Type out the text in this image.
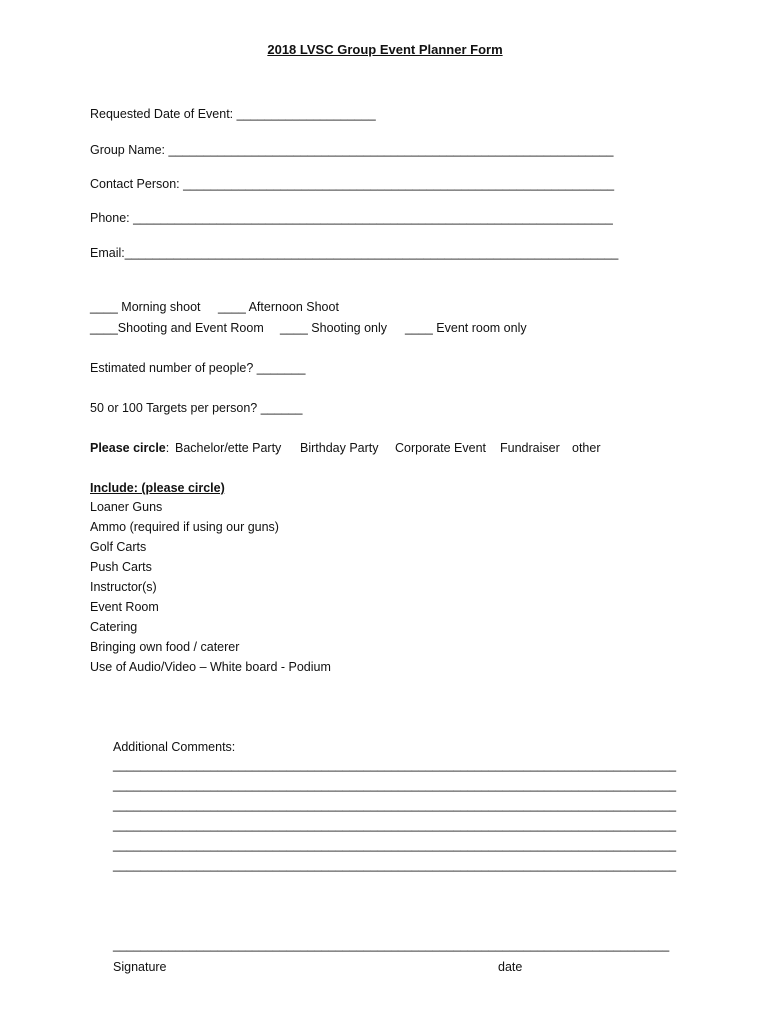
2018 LVSC Group Event Planner Form
Requested Date of Event: ____________________
Group Name: ________________________________________________________________
Contact Person: ______________________________________________________________
Phone: _____________________________________________________________________
Email:_______________________________________________________________________
____ Morning shoot ____ Afternoon Shoot
____Shooting and Event Room ____ Shooting only ____ Event room only
Estimated number of people? _______
50 or 100 Targets per person? ______
Please circle: Bachelor/ette Party Birthday Party Corporate Event Fundraiser other
Include: (please circle)
Loaner Guns
Ammo (required if using our guns)
Golf Carts
Push Carts
Instructor(s)
Event Room
Catering
Bringing own food / caterer
Use of Audio/Video – White board - Podium
Additional Comments:
_________________________________________________________________________________
_________________________________________________________________________________
_________________________________________________________________________________
_________________________________________________________________________________
_________________________________________________________________________________
_________________________________________________________________________________
________________________________________________________________________________
Signature	date
